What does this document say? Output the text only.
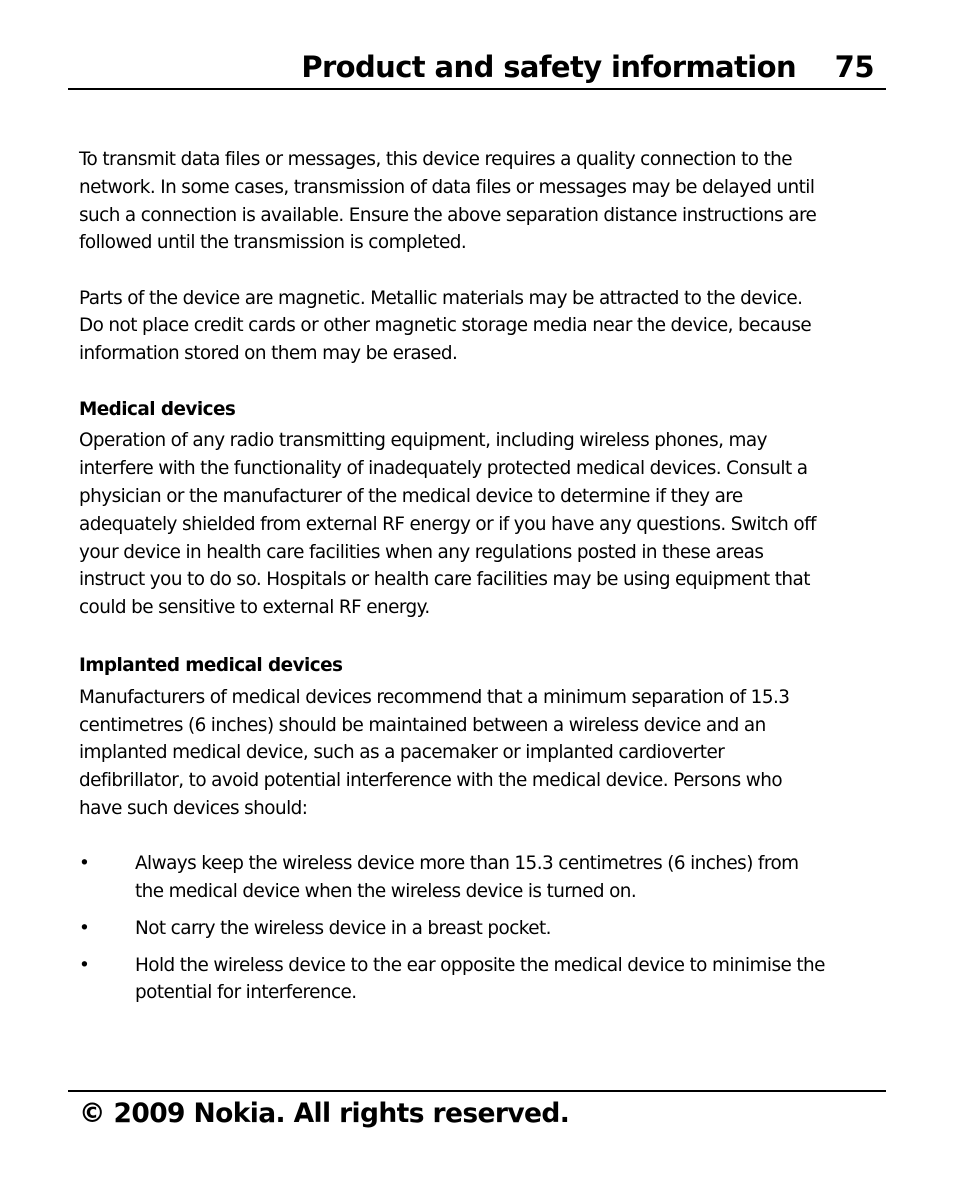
Product and safety information 75

To transmit data files or messages, this device requires a quality connection to the
network. In some cases, transmission of data files or messages may be delayed until
such a connection is available. Ensure the above separation distance instructions are
followed until the transmission is completed.

Parts of the device are magnetic. Metallic materials may be attracted to the device.
Do not place credit cards or other magnetic storage media near the device, because
information stored on them may be erased.

Medical devices

Operation of any radio transmitting equipment, including wireless phones, may
interfere with the functionality of inadequately protected medical devices. Consult a
physician or the manufacturer of the medical device to determine if they are
adequately shielded from external RF energy or if you have any questions. Switch off
your device in health care facilities when any regulations posted in these areas
instruct you to do so. Hospitals or health care facilities may be using equipment that
could be sensitive to external RF energy.

Implanted medical devices

Manufacturers of medical devices recommend that a minimum separation of 15.3
centimetres (6 inches) should be maintained between a wireless device and an
implanted medical device, such as a pacemaker or implanted cardioverter
defibrillator, to avoid potential interference with the medical device. Persons who
have such devices should:

• Always keep the wireless device more than 15.3 centimetres (6 inches) from
the medical device when the wireless device is turned on.
• Not carry the wireless device in a breast pocket.
• Hold the wireless device to the ear opposite the medical device to minimise the
potential for interference.
© 2009 Nokia. All rights reserved.
